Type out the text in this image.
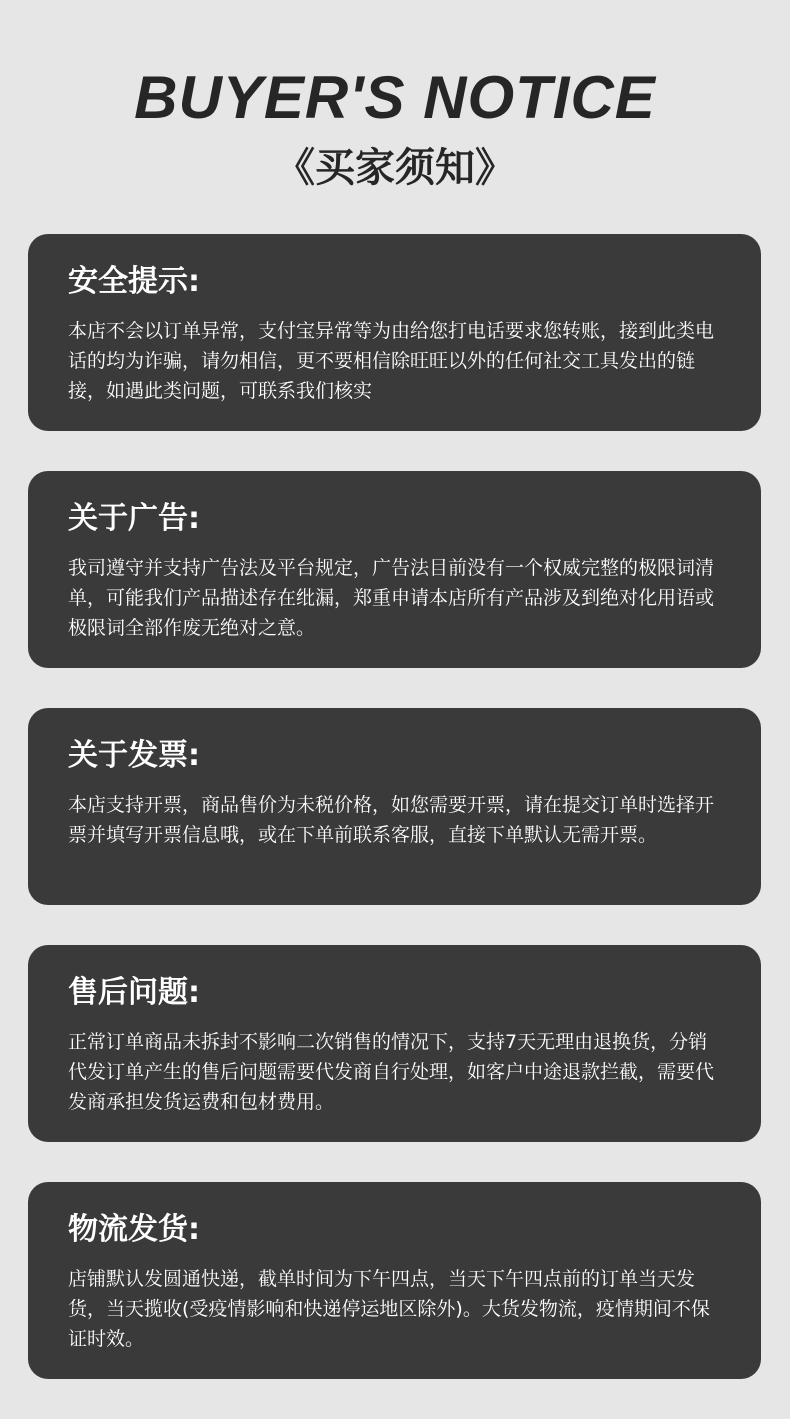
BUYER'S NOTICE
《买家须知》
安全提示:

本店不会以订单异常，支付宝异常等为由给您打电话要求您转账，接到此类电话的均为诈骗，请勿相信，更不要相信除旺旺以外的任何社交工具发出的链接，如遇此类问题，可联系我们核实

关于广告:

我司遵守并支持广告法及平台规定，广告法目前没有一个权威完整的极限词清单，可能我们产品描述存在纰漏，郑重申请本店所有产品涉及到绝对化用语或极限词全部作废无绝对之意。

关于发票:

本店支持开票，商品售价为未税价格，如您需要开票，请在提交订单时选择开票并填写开票信息哦，或在下单前联系客服，直接下单默认无需开票。

售后问题:

正常订单商品未拆封不影响二次销售的情况下，支持7天无理由退换货，分销代发订单产生的售后问题需要代发商自行处理，如客户中途退款拦截，需要代发商承担发货运费和包材费用。

物流发货:

店铺默认发圆通快递，截单时间为下午四点，当天下午四点前的订单当天发货，当天揽收(受疫情影响和快递停运地区除外)。大货发物流，疫情期间不保证时效。
